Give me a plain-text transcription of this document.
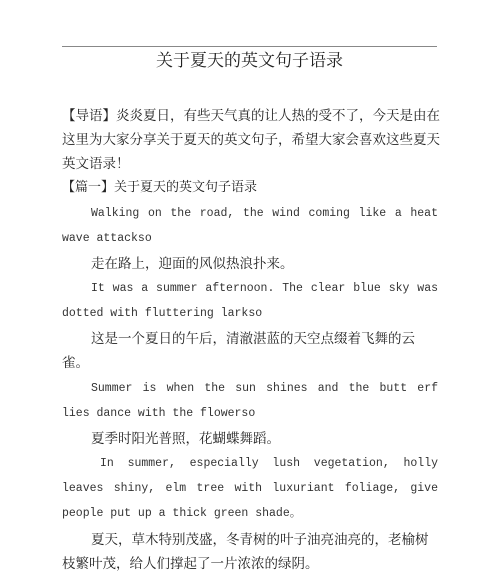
关于夏天的英文句子语录
【导语】炎炎夏日，有些天气真的让人热的受不了，今天是由在这里为大家分享关于夏天的英文句子，希望大家会喜欢这些夏天英文语录！
【篇一】关于夏天的英文句子语录
Walking on the road, the wind coming like a heat wave attackso
走在路上，迎面的风似热浪扑来。
It was a summer afternoon. The clear blue sky was dotted with fluttering larkso
这是一个夏日的午后，清澈湛蓝的天空点缀着飞舞的云雀。
Summer is when the sun shines and the butt erf lies dance with the flowerso
夏季时阳光普照，花蝴蝶舞蹈。
In summer, especially lush vegetation, holly leaves shiny, elm tree with luxuriant foliage, give people put up a thick green shade。
夏天，草木特别茂盛，冬青树的叶子油亮油亮的，老榆树枝繁叶茂，给人们撑起了一片浓浓的绿阴。
